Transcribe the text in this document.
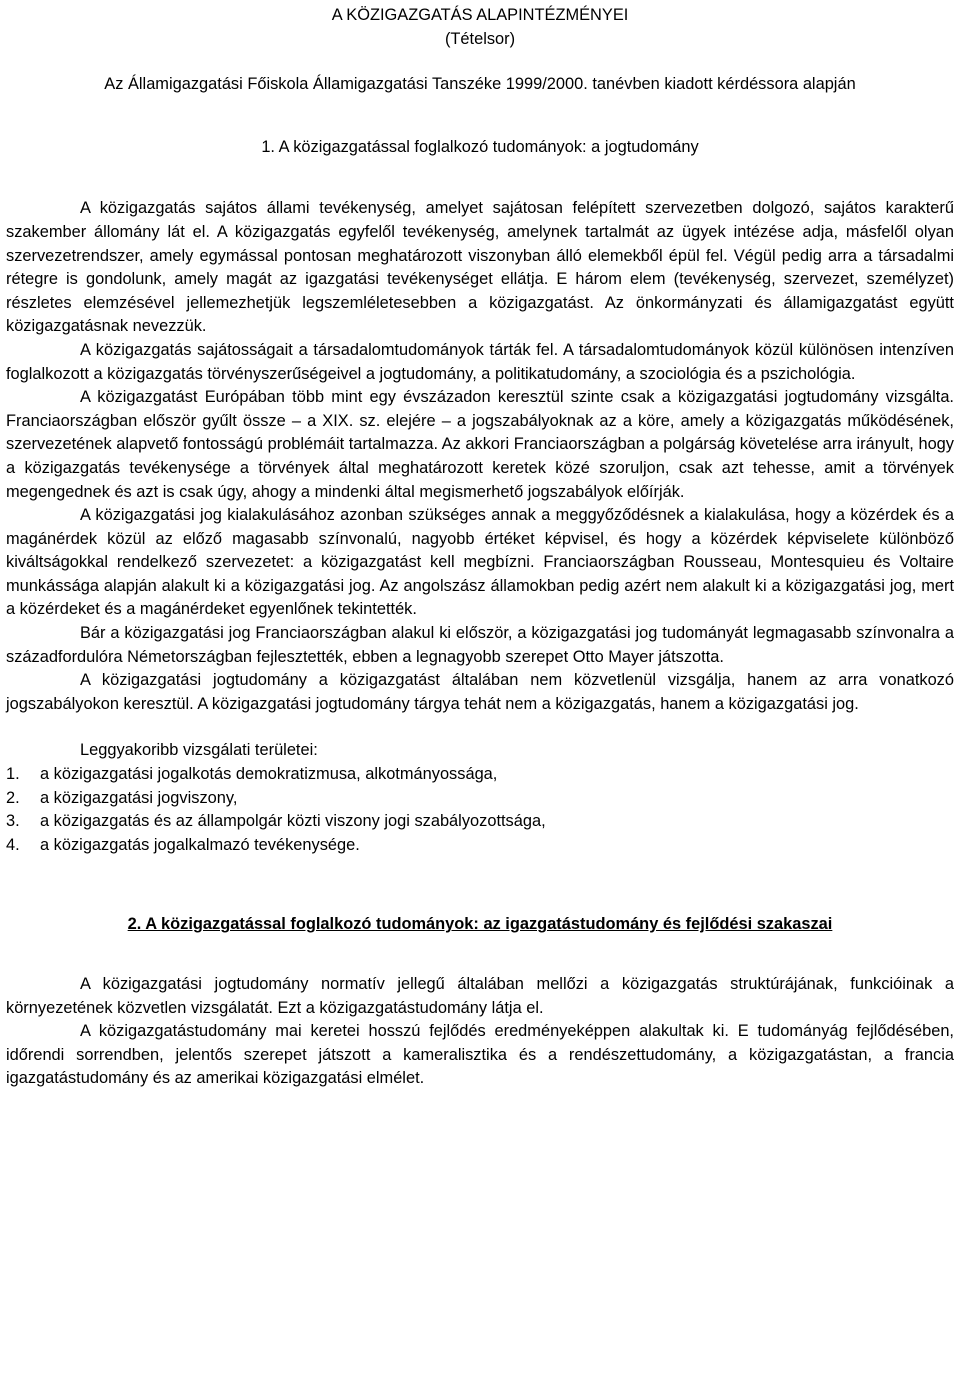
A KÖZIGAZGATÁS ALAPINTÉZMÉNYEI

(Tételsor)

Az Államigazgatási Főiskola Államigazgatási Tanszéke 1999/2000. tanévben kiadott kérdéssora alapján

1. A közigazgatással foglalkozó tudományok: a jogtudomány

A közigazgatás sajátos állami tevékenység, amelyet sajátosan felépített szervezetben dolgozó, sajátos karakterű szakember állomány lát el. A közigazgatás egyfelől tevékenység, amelynek tartalmát az ügyek intézése adja, másfelől olyan szervezetrendszer, amely egymással pontosan meghatározott viszonyban álló elemekből épül fel. Végül pedig arra a társadalmi rétegre is gondolunk, amely magát az igazgatási tevékenységet ellátja. E három elem (tevékenység, szervezet, személyzet) részletes elemzésével jellemezhetjük legszemléletesebben a közigazgatást. Az önkormányzati és államigazgatást együtt közigazgatásnak nevezzük.

A közigazgatás sajátosságait a társadalomtudományok tárták fel. A társadalomtudományok közül különösen intenzíven foglalkozott a közigazgatás törvényszerűségeivel a jogtudomány, a politikatudomány, a szociológia és a pszichológia.

A közigazgatást Európában több mint egy évszázadon keresztül szinte csak a közigazgatási jogtudomány vizsgálta. Franciaországban először gyűlt össze – a XIX. sz. elejére – a jogszabályoknak az a köre, amely a közigazgatás működésének, szervezetének alapvető fontosságú problémáit tartalmazza. Az akkori Franciaországban a polgárság követelése arra irányult, hogy a közigazgatás tevékenysége a törvények által meghatározott keretek közé szoruljon, csak azt tehesse, amit a törvények megengednek és azt is csak úgy, ahogy a mindenki által megismerhető jogszabályok előírják.

A közigazgatási jog kialakulásához azonban szükséges annak a meggyőződésnek a kialakulása, hogy a közérdek és a magánérdek közül az előző magasabb színvonalú, nagyobb értéket képvisel, és hogy a közérdek képviselete különböző kiváltságokkal rendelkező szervezetet: a közigazgatást kell megbízni. Franciaországban Rousseau, Montesquieu és Voltaire munkássága alapján alakult ki a közigazgatási jog. Az angolszász államokban pedig azért nem alakult ki a közigazgatási jog, mert a közérdeket és a magánérdeket egyenlőnek tekintették.

Bár a közigazgatási jog Franciaországban alakul ki először, a közigazgatási jog tudományát legmagasabb színvonalra a századfordulóra Németországban fejlesztették, ebben a legnagyobb szerepet Otto Mayer játszotta.

A közigazgatási jogtudomány a közigazgatást általában nem közvetlenül vizsgálja, hanem az arra vonatkozó jogszabályokon keresztül. A közigazgatási jogtudomány tárgya tehát nem a közigazgatás, hanem a közigazgatási jog.

Leggyakoribb vizsgálati területei:

1.	a közigazgatási jogalkotás demokratizmusa, alkotmányossága,
2.	a közigazgatási jogviszony,
3.	a közigazgatás és az állampolgár közti viszony jogi szabályozottsága,
4.	a közigazgatás jogalkalmazó tevékenysége.
2. A közigazgatással foglalkozó tudományok: az igazgatástudomány és fejlődési szakaszai

A közigazgatási jogtudomány normatív jellegű általában mellőzi a közigazgatás struktúrájának, funkcióinak a környezetének közvetlen vizsgálatát. Ezt a közigazgatástudomány látja el.

A közigazgatástudomány mai keretei hosszú fejlődés eredményeképpen alakultak ki. E tudományág fejlődésében, időrendi sorrendben, jelentős szerepet játszott a kameralisztika és a rendészettudomány, a közigazgatástan, a francia igazgatástudomány és az amerikai közigazgatási elmélet.
